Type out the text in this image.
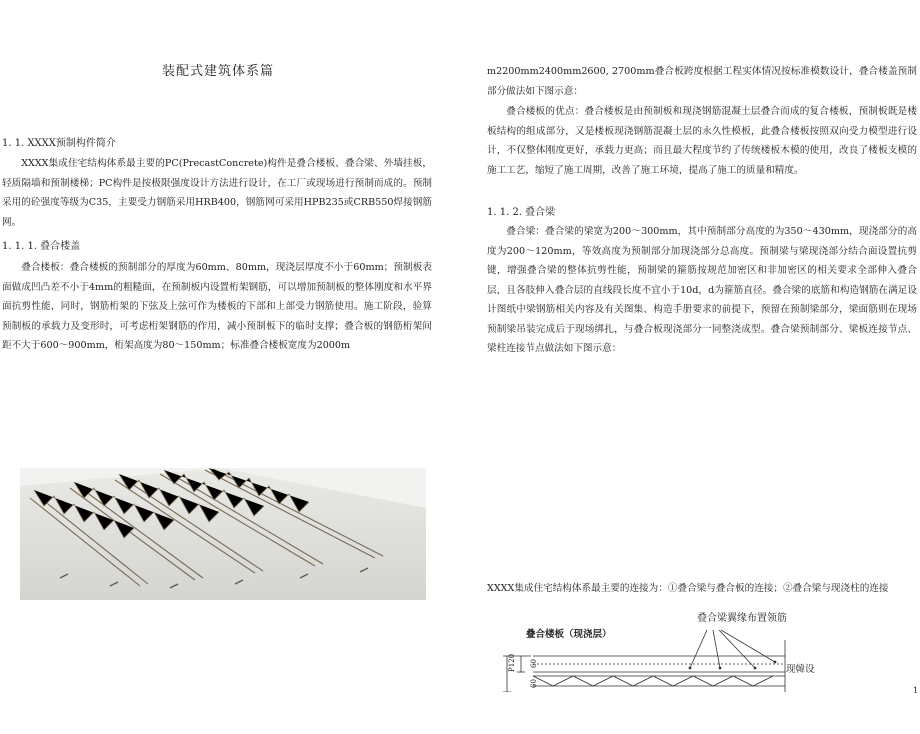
装配式建筑体系篇
1. 1. XXXX预制构件简介
XXXX集成住宅结构体系最主要的PC(PrecastConcrete)构件是叠合楼板、叠合梁、外墙挂板，轻质隔墙和预制楼梯；PC构件是按极限强度设计方法进行设计，在工厂或现场进行预制而成的。预制采用的砼强度等级为C35，主要受力钢筋采用HRB400，钢筋网可采用HPB235或CRB550焊接钢筋网。
1. 1. 1. 叠合楼盖
叠合楼板：叠合楼板的预制部分的厚度为60mm、80mm，现浇层厚度不小于60mm；预制板表面做成凹凸差不小于4mm的粗糙面，在预制板内设置桁架钢筋，可以增加预制板的整体刚度和水平界面抗剪性能，同时，钢筋桁架的下弦及上弦可作为楼板的下部和上部受力钢筋使用。施工阶段，验算预制板的承载力及变形时，可考虑桁架钢筋的作用，减小预制板下的临时支撑；叠合板的钢筋桁架间距不大于600～900mm，桁架高度为80～150mm；标准叠合楼板宽度为2000m
m2200mm2400mm2600, 2700mm叠合板跨度根据工程实体情况按标准模数设计，叠合楼盖预制部分做法如下图示意：
叠合楼板的优点：叠合楼板是由预制板和现浇钢筋混凝土层叠合而成的复合楼板，预制板既是楼板结构的组成部分，又是楼板现浇钢筋混凝土层的永久性模板，此叠合楼板按照双向受力模型进行设计，不仅整体刚度更好，承载力更高；而且最大程度节约了传统楼板木模的使用，改良了楼板支模的施工工艺，缩短了施工周期，改善了施工环境，提高了施工的质量和精度。
1. 1. 2. 叠合梁
叠合梁：叠合梁的梁宽为200～300mm，其中预制部分高度的为350～430mm，现浇部分的高度为200～120mm，等效高度为预制部分加现浇部分总高度。预制梁与梁现浇部分结合面设置抗剪键，增强叠合梁的整体抗剪性能，预制梁的箍筋按规范加密区和非加密区的相关要求全部伸入叠合层，且各肢伸入叠合层的直线段长度不宜小于10d，d为箍筋直径。叠合梁的底筋和构造钢筋在满足设计图纸中梁钢筋相关内容及有关图集、构造手册要求的前提下，预留在预制梁部分，梁面筋则在现场预制梁吊装完成后于现场绑扎，与叠合板现浇部分一同整浇成型。叠合梁预制部分、梁板连接节点、梁柱连接节点做法如下图示意：
XXXX集成住宅结构体系最主要的连接为：①叠合梁与叠合板的连接；②叠合梁与现浇柱的连接
叠合梁翼缘布置领筋
叠合楼板（现浇层）
现韓设
P120 60
60
1
